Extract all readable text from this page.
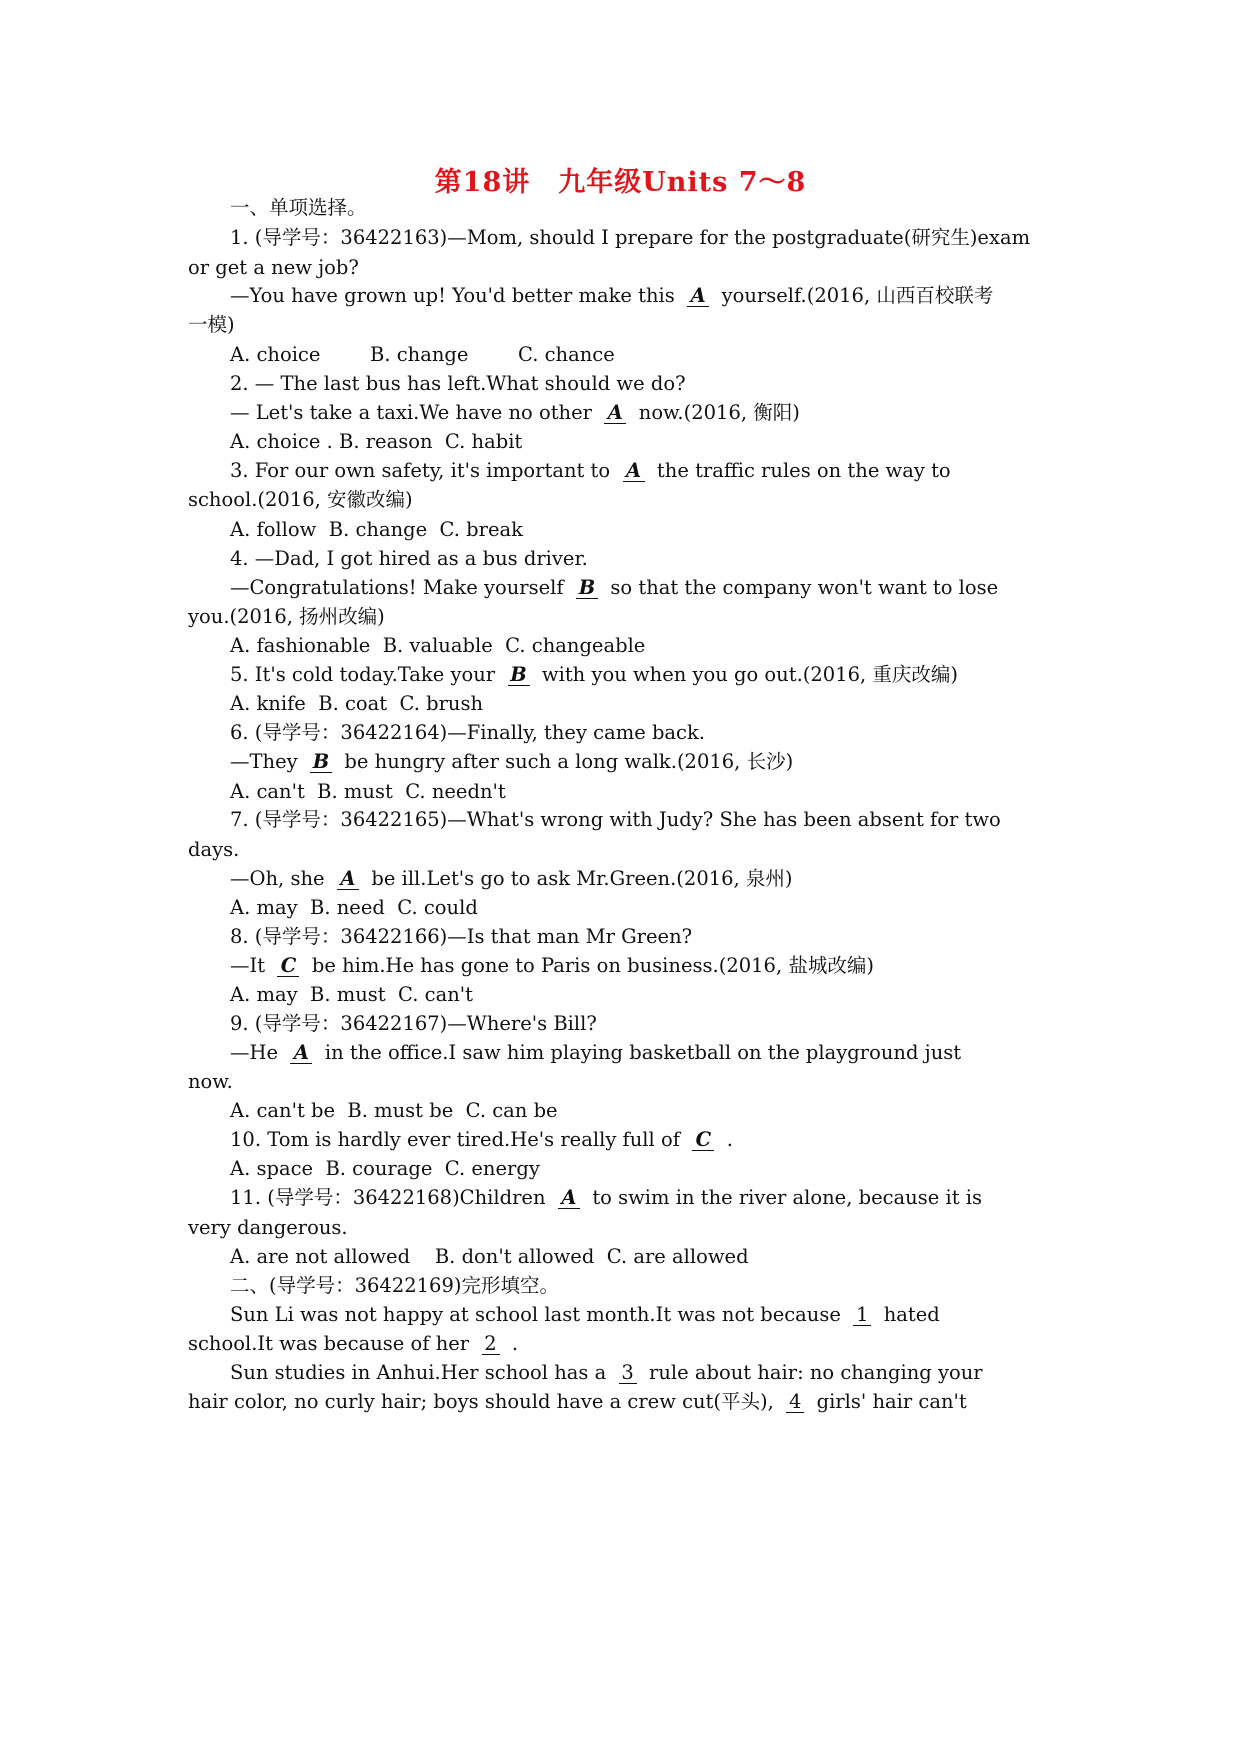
第18讲　九年级Units 7～8
一、单项选择。
1. (导学号：36422163)—Mom, should I prepare for the postgraduate(研究生)exam
or get a new job?
—You have grown up! You'd better make this  A  yourself.(2016, 山西百校联考
一模)
A. choice        B. change        C. chance
2. — The last bus has left.What should we do?
— Let's take a taxi.We have no other  A  now.(2016, 衡阳)
A. choice . B. reason  C. habit
3. For our own safety, it's important to  A  the traffic rules on the way to
school.(2016, 安徽改编)
A. follow  B. change  C. break
4. —Dad, I got hired as a bus driver.
—Congratulations! Make yourself  B  so that the company won't want to lose
you.(2016, 扬州改编)
A. fashionable  B. valuable  C. changeable
5. It's cold today.Take your  B  with you when you go out.(2016, 重庆改编)
A. knife  B. coat  C. brush
6. (导学号：36422164)—Finally, they came back.
—They  B  be hungry after such a long walk.(2016, 长沙)
A. can't  B. must  C. needn't
7. (导学号：36422165)—What's wrong with Judy? She has been absent for two
days.
—Oh, she  A  be ill.Let's go to ask Mr.Green.(2016, 泉州)
A. may  B. need  C. could
8. (导学号：36422166)—Is that man Mr Green?
—It  C  be him.He has gone to Paris on business.(2016, 盐城改编)
A. may  B. must  C. can't
9. (导学号：36422167)—Where's Bill?
—He  A  in the office.I saw him playing basketball on the playground just
now.
A. can't be  B. must be  C. can be
10. Tom is hardly ever tired.He's really full of  C  .
A. space  B. courage  C. energy
11. (导学号：36422168)Children  A  to swim in the river alone, because it is
very dangerous.
A. are not allowed    B. don't allowed  C. are allowed
二、(导学号：36422169)完形填空。
Sun Li was not happy at school last month.It was not because  1  hated
school.It was because of her  2  .
Sun studies in Anhui.Her school has a  3  rule about hair: no changing your
hair color, no curly hair; boys should have a crew cut(平头),  4  girls' hair can't
